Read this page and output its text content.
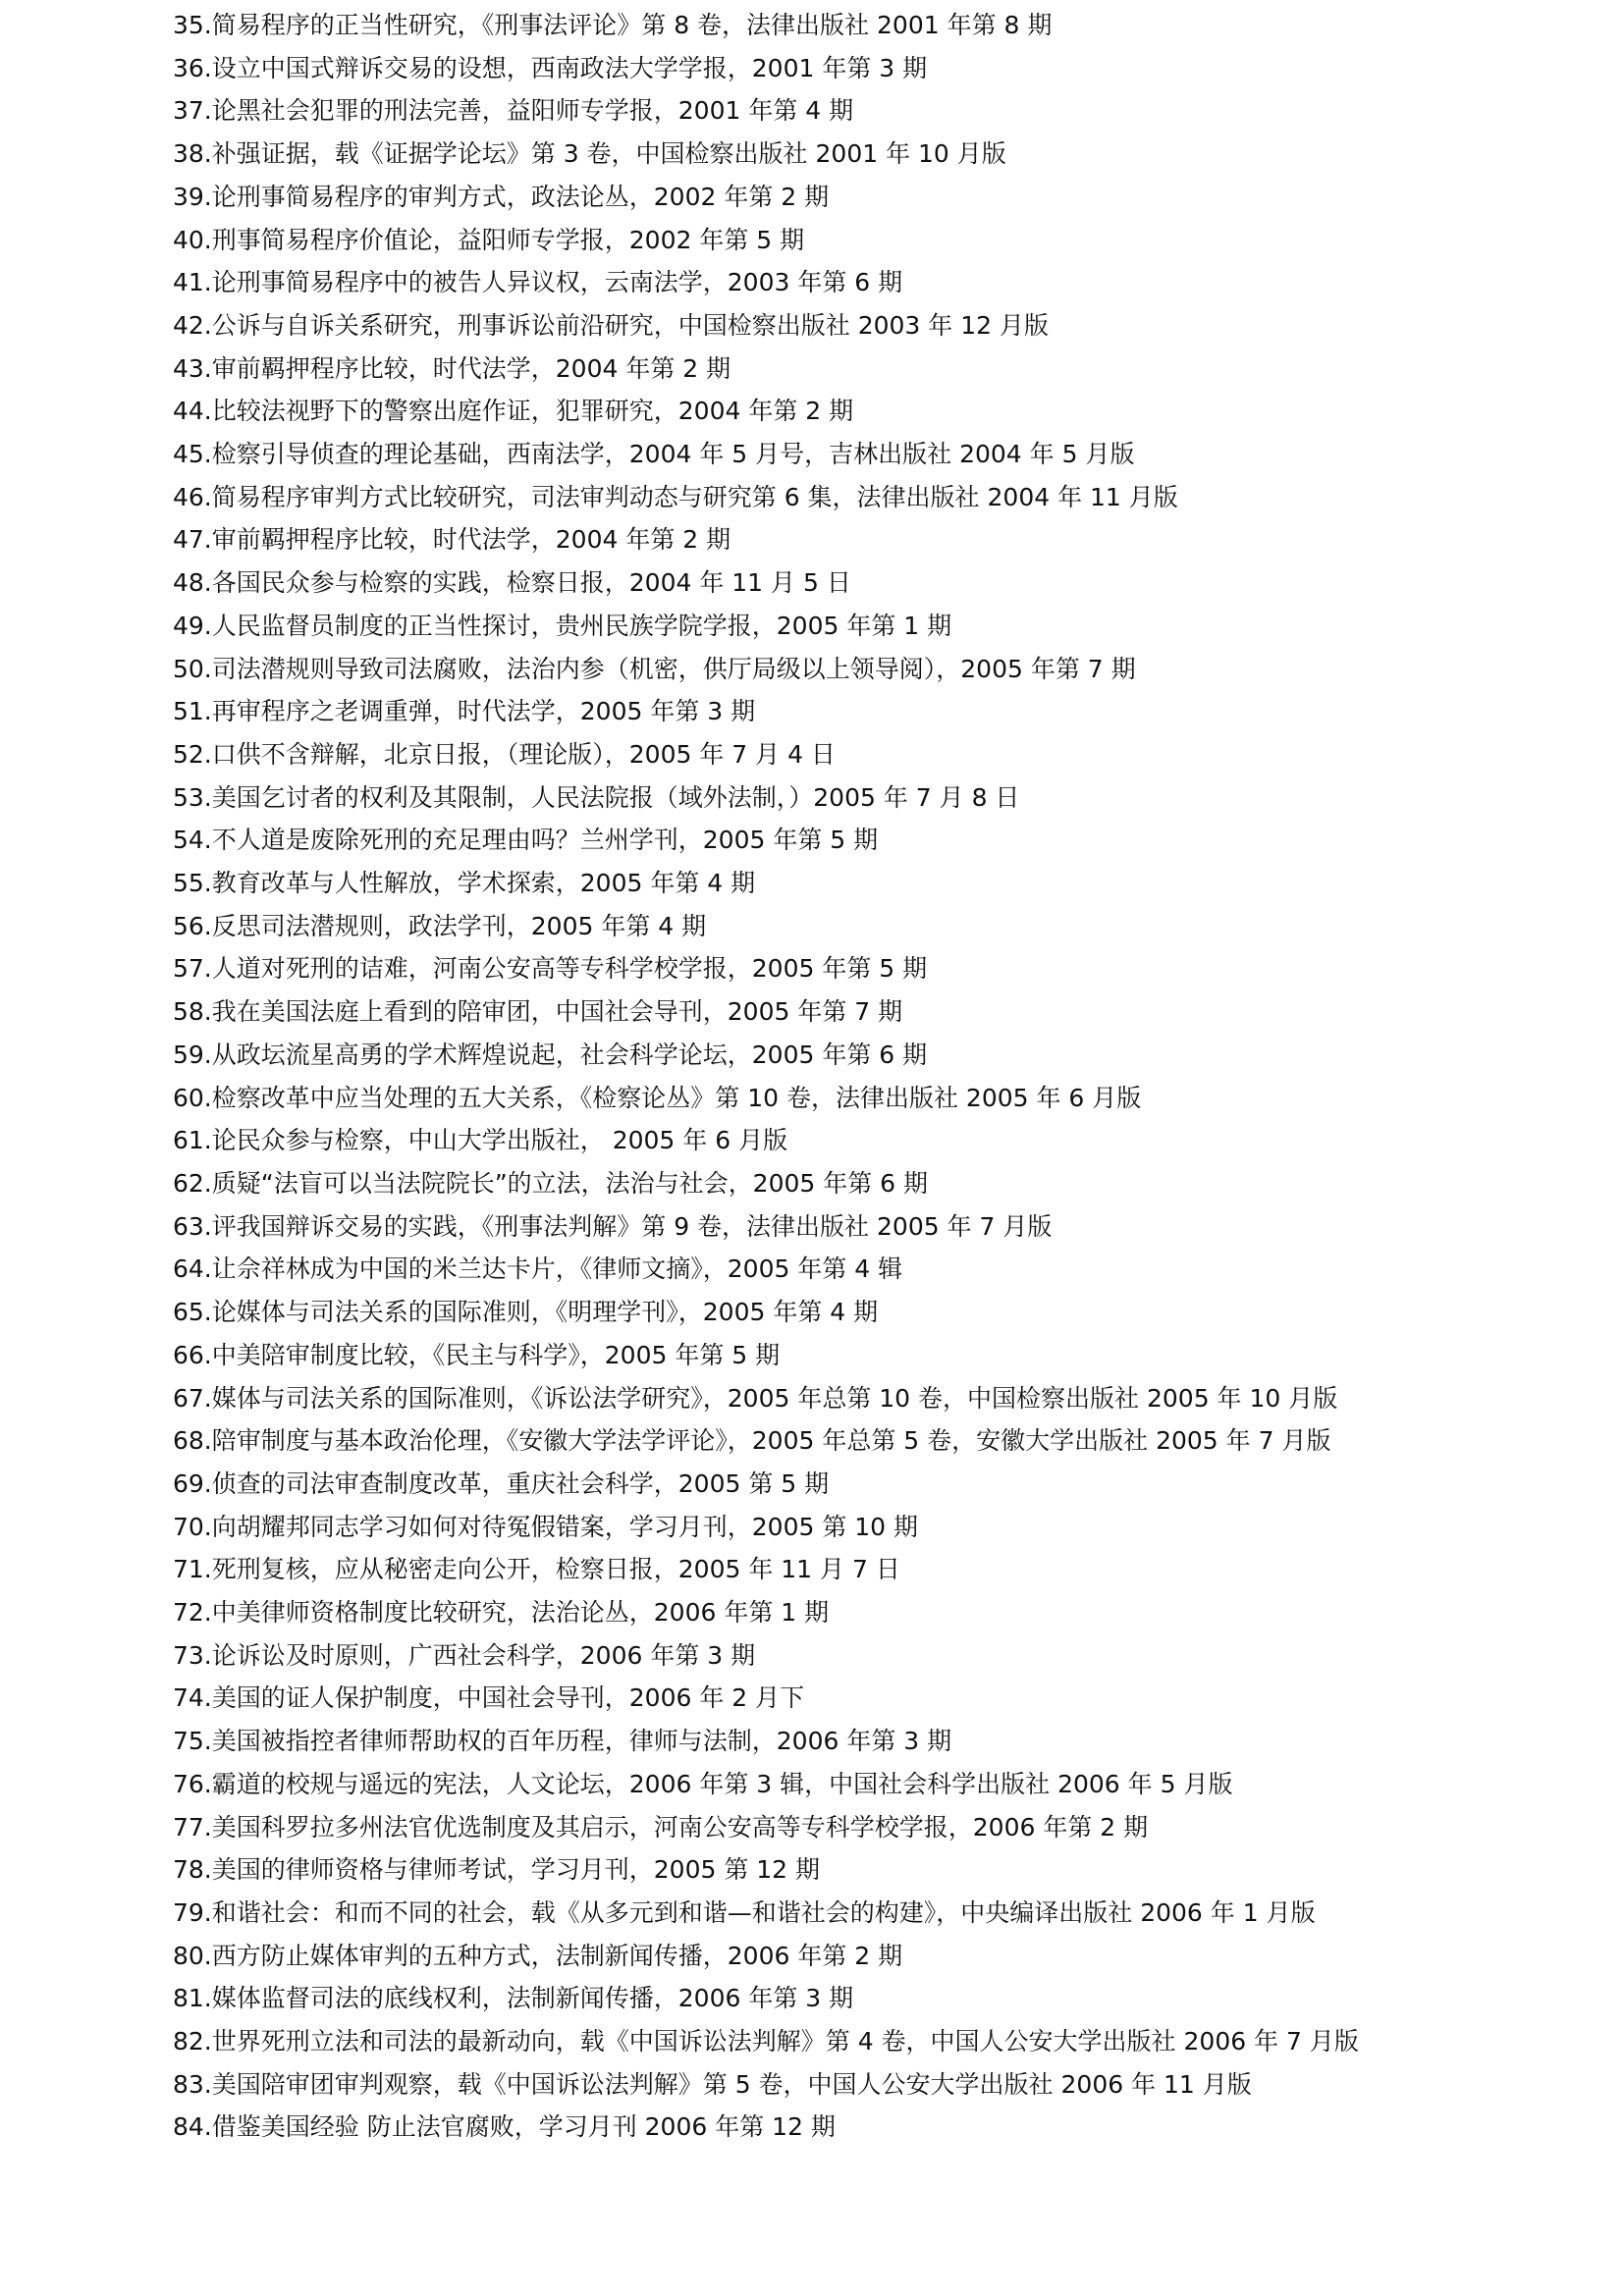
35.简易程序的正当性研究，《刑事法评论》第 8 卷，法律出版社 2001 年第 8 期
36.设立中国式辩诉交易的设想，西南政法大学学报，2001 年第 3 期
37.论黑社会犯罪的刑法完善，益阳师专学报，2001 年第 4 期
38.补强证据，载《证据学论坛》第 3 卷，中国检察出版社 2001 年 10 月版
39.论刑事简易程序的审判方式，政法论丛，2002 年第 2 期
40.刑事简易程序价值论，益阳师专学报，2002 年第 5 期
41.论刑事简易程序中的被告人异议权，云南法学，2003 年第 6 期
42.公诉与自诉关系研究，刑事诉讼前沿研究，中国检察出版社 2003 年 12 月版
43.审前羁押程序比较，时代法学，2004 年第 2 期
44.比较法视野下的警察出庭作证，犯罪研究，2004 年第 2 期
45.检察引导侦查的理论基础，西南法学，2004 年 5 月号，吉林出版社 2004 年 5 月版
46.简易程序审判方式比较研究，司法审判动态与研究第 6 集，法律出版社 2004 年 11 月版
47.审前羁押程序比较，时代法学，2004 年第 2 期
48.各国民众参与检察的实践，检察日报，2004 年 11 月 5 日
49.人民监督员制度的正当性探讨，贵州民族学院学报，2005 年第 1 期
50.司法潜规则导致司法腐败，法治内参（机密，供厅局级以上领导阅），2005 年第 7 期
51.再审程序之老调重弹，时代法学，2005 年第 3 期
52.口供不含辩解，北京日报，（理论版），2005 年 7 月 4 日
53.美国乞讨者的权利及其限制，人民法院报（域外法制，）2005 年 7 月 8 日
54.不人道是废除死刑的充足理由吗？兰州学刊，2005 年第 5 期
55.教育改革与人性解放，学术探索，2005 年第 4 期
56.反思司法潜规则，政法学刊，2005 年第 4 期
57.人道对死刑的诘难，河南公安高等专科学校学报，2005 年第 5 期
58.我在美国法庭上看到的陪审团，中国社会导刊，2005 年第 7 期
59.从政坛流星高勇的学术辉煌说起，社会科学论坛，2005 年第 6 期
60.检察改革中应当处理的五大关系，《检察论丛》第 10 卷，法律出版社 2005 年 6 月版
61.论民众参与检察，中山大学出版社， 2005 年 6 月版
62.质疑“法盲可以当法院院长”的立法，法治与社会，2005 年第 6 期
63.评我国辩诉交易的实践，《刑事法判解》第 9 卷，法律出版社 2005 年 7 月版
64.让佘祥林成为中国的米兰达卡片，《律师文摘》，2005 年第 4 辑
65.论媒体与司法关系的国际准则，《明理学刊》，2005 年第 4 期
66.中美陪审制度比较，《民主与科学》，2005 年第 5 期
67.媒体与司法关系的国际准则，《诉讼法学研究》，2005 年总第 10 卷，中国检察出版社 2005 年 10 月版
68.陪审制度与基本政治伦理，《安徽大学法学评论》，2005 年总第 5 卷，安徽大学出版社 2005 年 7 月版
69.侦查的司法审查制度改革，重庆社会科学，2005 第 5 期
70.向胡耀邦同志学习如何对待冤假错案，学习月刊，2005 第 10 期
71.死刑复核，应从秘密走向公开，检察日报，2005 年 11 月 7 日
72.中美律师资格制度比较研究，法治论丛，2006 年第 1 期
73.论诉讼及时原则，广西社会科学，2006 年第 3 期
74.美国的证人保护制度，中国社会导刊，2006 年 2 月下
75.美国被指控者律师帮助权的百年历程，律师与法制，2006 年第 3 期
76.霸道的校规与遥远的宪法，人文论坛，2006 年第 3 辑，中国社会科学出版社 2006 年 5 月版
77.美国科罗拉多州法官优选制度及其启示，河南公安高等专科学校学报，2006 年第 2 期
78.美国的律师资格与律师考试，学习月刊，2005 第 12 期
79.和谐社会：和而不同的社会，载《从多元到和谐—和谐社会的构建》，中央编译出版社 2006 年 1 月版
80.西方防止媒体审判的五种方式，法制新闻传播，2006 年第 2 期
81.媒体监督司法的底线权利，法制新闻传播，2006 年第 3 期
82.世界死刑立法和司法的最新动向，载《中国诉讼法判解》第 4 卷，中国人公安大学出版社 2006 年 7 月版
83.美国陪审团审判观察，载《中国诉讼法判解》第 5 卷，中国人公安大学出版社 2006 年 11 月版
84.借鉴美国经验 防止法官腐败，学习月刊 2006 年第 12 期
